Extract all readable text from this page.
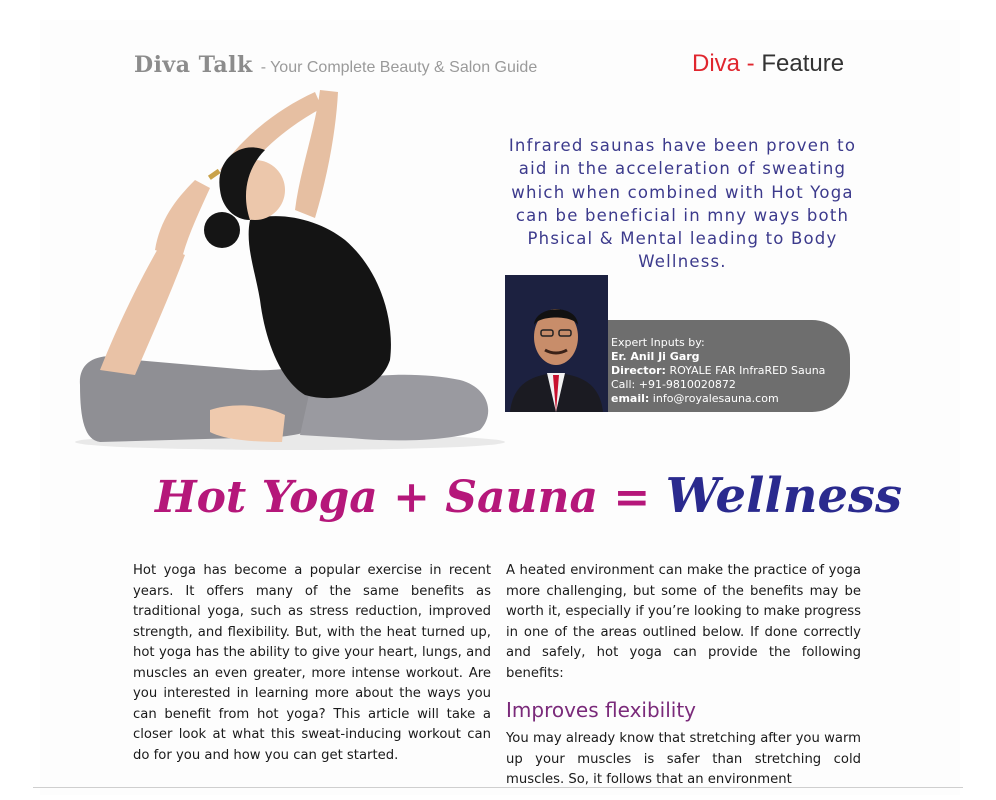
Diva Talk - Your Complete Beauty & Salon Guide	Diva - Feature
Infrared saunas have been proven to aid in the acceleration of sweating which when combined with Hot Yoga can be beneficial in mny ways both Phsical & Mental leading to Body Wellness.
Expert Inputs by:
Er. Anil Ji Garg
Director: ROYALE FAR InfraRED Sauna
Call: +91-9810020872
email: info@royalesauna.com
Hot Yoga + Sauna = Wellness
Hot yoga has become a popular exercise in recent years. It offers many of the same benefits as traditional yoga, such as stress reduction, improved strength, and flexibility. But, with the heat turned up, hot yoga has the ability to give your heart, lungs, and muscles an even greater, more intense workout. Are you interested in learning more about the ways you can benefit from hot yoga? This article will take a closer look at what this sweat-inducing workout can do for you and how you can get started.
A heated environment can make the practice of yoga more challenging, but some of the benefits may be worth it, especially if you’re looking to make progress in one of the areas outlined below. If done correctly and safely, hot yoga can provide the following benefits:
Improves flexibility
You may already know that stretching after you warm up your muscles is safer than stretching cold muscles. So, it follows that an environment
